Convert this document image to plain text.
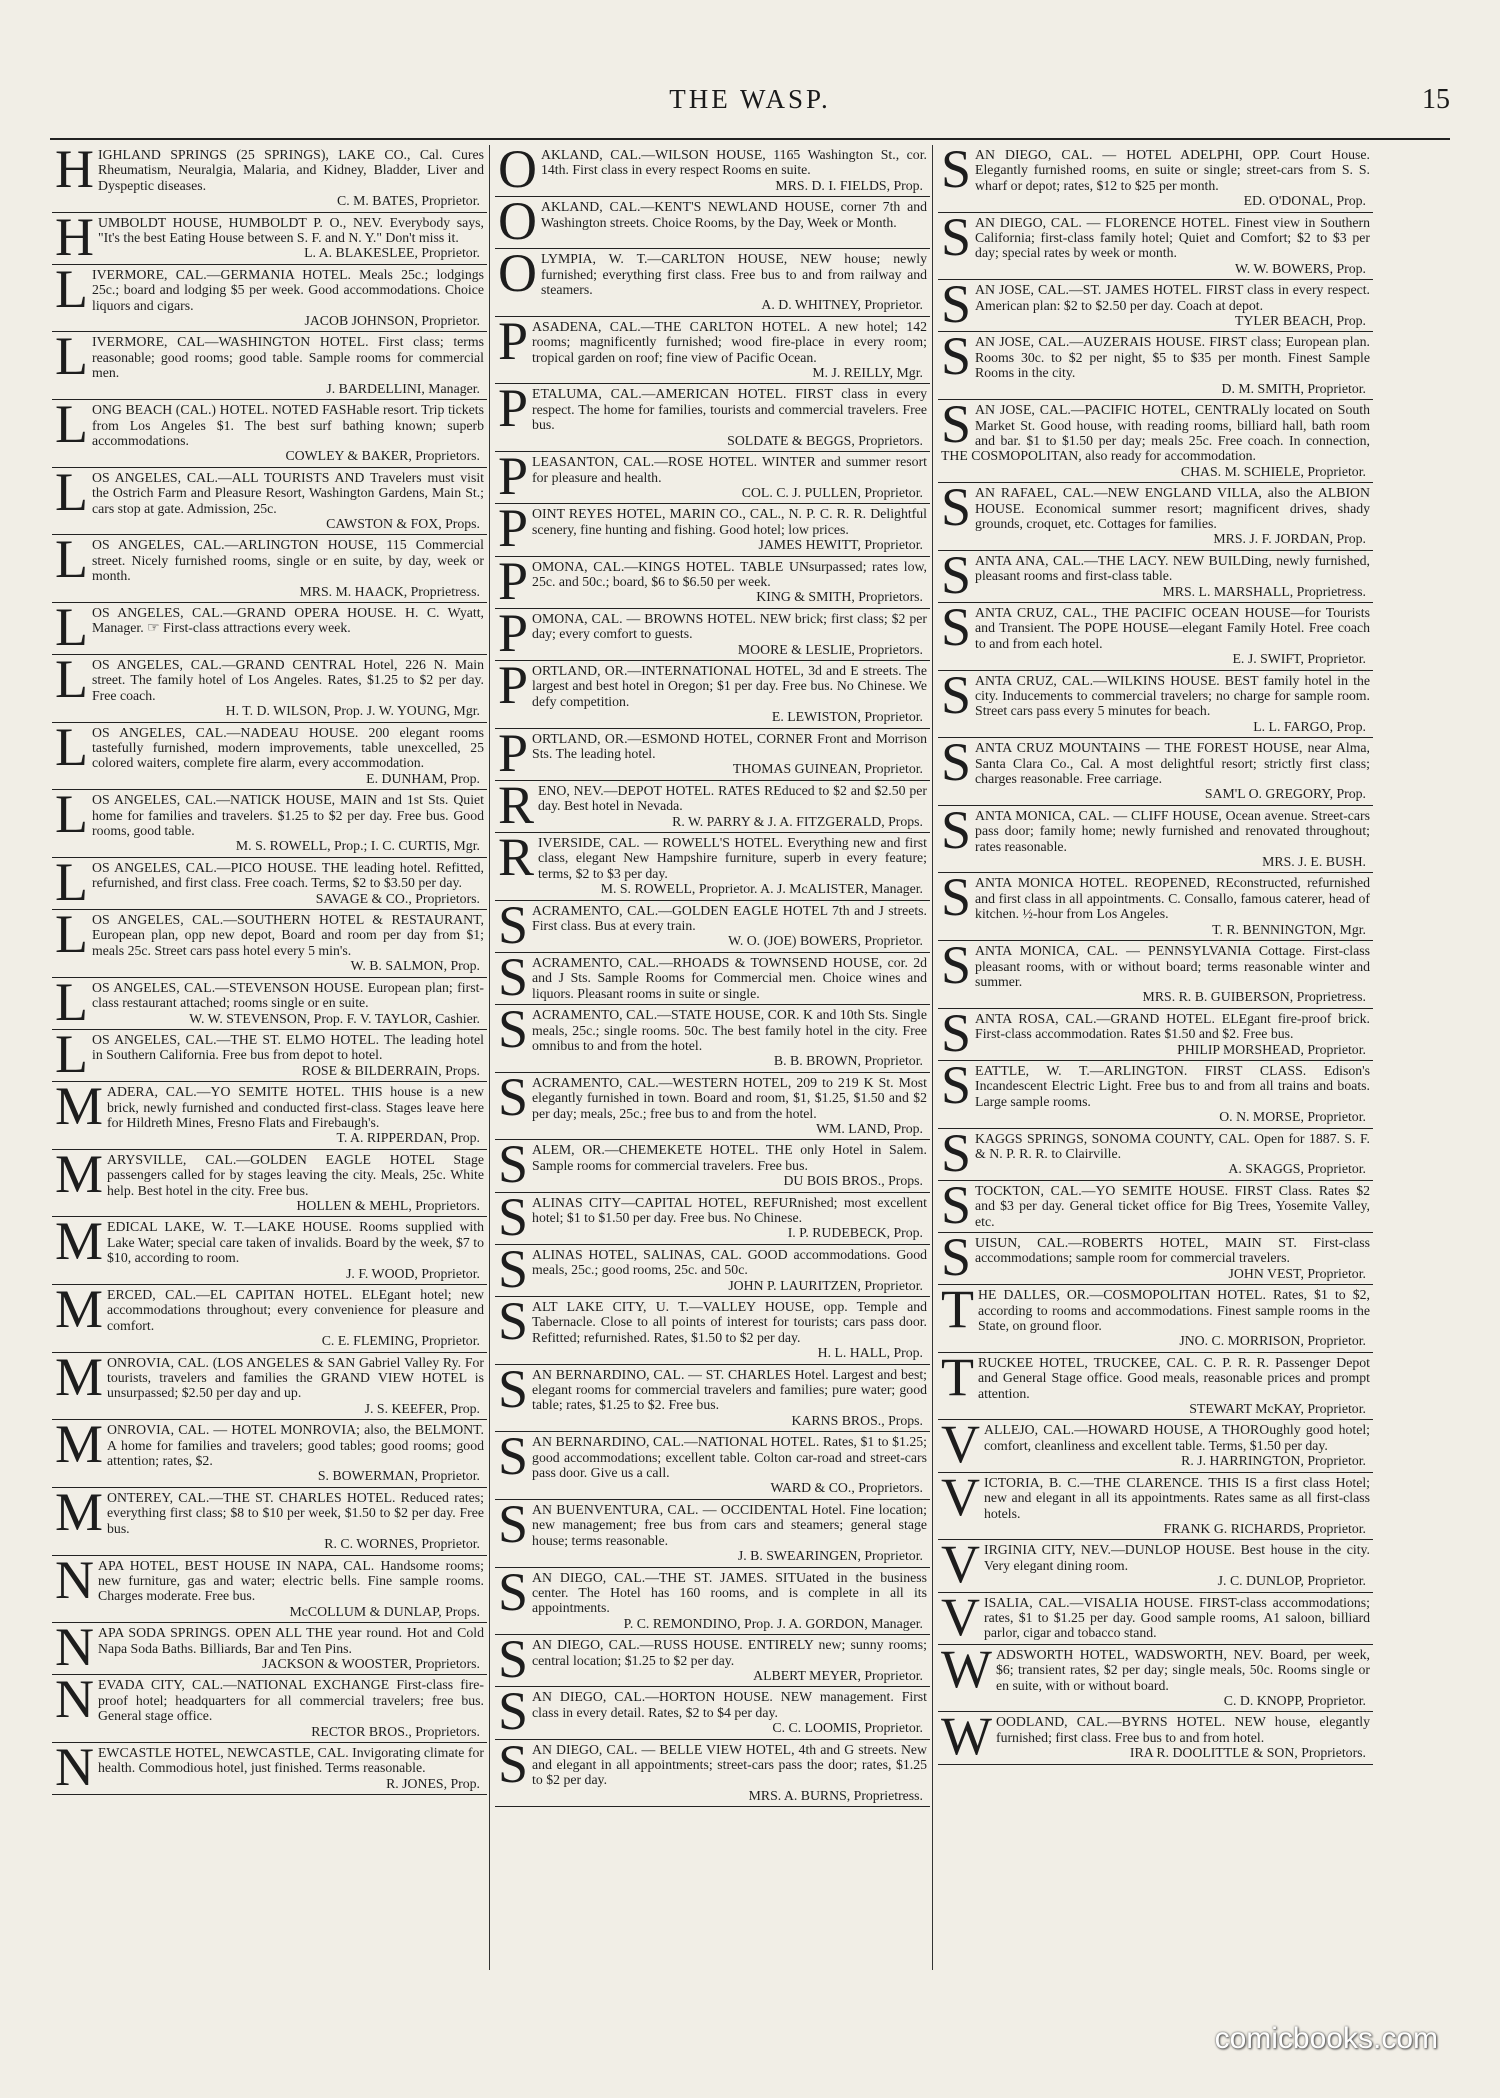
THE WASP.	15
H IGHLAND SPRINGS (25 SPRINGS), LAKE CO., Cal. Cures Rheumatism, Neuralgia, Malaria, and Kidney, Bladder, Liver and Dyspeptic diseases.
C. M. BATES, Proprietor.
H UMBOLDT HOUSE, HUMBOLDT P. O., NEV. Everybody says, "It's the best Eating House between S. F. and N. Y." Don't miss it.
L. A. BLAKESLEE, Proprietor.
L IVERMORE, CAL.—GERMANIA HOTEL. Meals 25c.; lodgings 25c.; board and lodging $5 per week. Good accommodations. Choice liquors and cigars.
JACOB JOHNSON, Proprietor.
L IVERMORE, CAL—WASHINGTON HOTEL. First class; terms reasonable; good rooms; good table. Sample rooms for commercial men.
J. BARDELLINI, Manager.
L ONG BEACH (CAL.) HOTEL. NOTED FASHable resort. Trip tickets from Los Angeles $1. The best surf bathing known; superb accommodations.
COWLEY & BAKER, Proprietors.
L OS ANGELES, CAL.—ALL TOURISTS AND Travelers must visit the Ostrich Farm and Pleasure Resort, Washington Gardens, Main St.; cars stop at gate. Admission, 25c.
CAWSTON & FOX, Props.
L OS ANGELES, CAL.—ARLINGTON HOUSE, 115 Commercial street. Nicely furnished rooms, single or en suite, by day, week or month.
MRS. M. HAACK, Proprietress.
L OS ANGELES, CAL.—GRAND OPERA HOUSE. H. C. Wyatt, Manager. ☞ First-class attractions every week.
L OS ANGELES, CAL.—GRAND CENTRAL Hotel, 226 N. Main street. The family hotel of Los Angeles. Rates, $1.25 to $2 per day. Free coach.
H. T. D. WILSON, Prop. J. W. YOUNG, Mgr.
L OS ANGELES, CAL.—NADEAU HOUSE. 200 elegant rooms tastefully furnished, modern improvements, table unexcelled, 25 colored waiters, complete fire alarm, every accommodation.
E. DUNHAM, Prop.
L OS ANGELES, CAL.—NATICK HOUSE, MAIN and 1st Sts. Quiet home for families and travelers. $1.25 to $2 per day. Free bus. Good rooms, good table.
M. S. ROWELL, Prop.; I. C. CURTIS, Mgr.
L OS ANGELES, CAL.—PICO HOUSE. THE leading hotel. Refitted, refurnished, and first class. Free coach. Terms, $2 to $3.50 per day.
SAVAGE & CO., Proprietors.
L OS ANGELES, CAL.—SOUTHERN HOTEL & RESTAURANT, European plan, opp new depot, Board and room per day from $1; meals 25c. Street cars pass hotel every 5 min's.
W. B. SALMON, Prop.
L OS ANGELES, CAL.—STEVENSON HOUSE. European plan; first-class restaurant attached; rooms single or en suite.
W. W. STEVENSON, Prop. F. V. TAYLOR, Cashier.
L OS ANGELES, CAL.—THE ST. ELMO HOTEL. The leading hotel in Southern California. Free bus from depot to hotel.
ROSE & BILDERRAIN, Props.
M ADERA, CAL.—YO SEMITE HOTEL. THIS house is a new brick, newly furnished and conducted first-class. Stages leave here for Hildreth Mines, Fresno Flats and Firebaugh's.
T. A. RIPPERDAN, Prop.
M ARYSVILLE, CAL.—GOLDEN EAGLE HOTEL Stage passengers called for by stages leaving the city. Meals, 25c. White help. Best hotel in the city. Free bus.
HOLLEN & MEHL, Proprietors.
M EDICAL LAKE, W. T.—LAKE HOUSE. Rooms supplied with Lake Water; special care taken of invalids. Board by the week, $7 to $10, according to room.
J. F. WOOD, Proprietor.
M ERCED, CAL.—EL CAPITAN HOTEL. ELEgant hotel; new accommodations throughout; every convenience for pleasure and comfort.
C. E. FLEMING, Proprietor.
M ONROVIA, CAL. (LOS ANGELES & SAN Gabriel Valley Ry. For tourists, travelers and families the GRAND VIEW HOTEL is unsurpassed; $2.50 per day and up.
J. S. KEEFER, Prop.
M ONROVIA, CAL. — HOTEL MONROVIA; also, the BELMONT. A home for families and travelers; good tables; good rooms; good attention; rates, $2.
S. BOWERMAN, Proprietor.
M ONTEREY, CAL.—THE ST. CHARLES HOTEL. Reduced rates; everything first class; $8 to $10 per week, $1.50 to $2 per day. Free bus.
R. C. WORNES, Proprietor.
N APA HOTEL, BEST HOUSE IN NAPA, CAL. Handsome rooms; new furniture, gas and water; electric bells. Fine sample rooms. Charges moderate. Free bus.
McCOLLUM & DUNLAP, Props.
N APA SODA SPRINGS. OPEN ALL THE year round. Hot and Cold Napa Soda Baths. Billiards, Bar and Ten Pins.
JACKSON & WOOSTER, Proprietors.
N EVADA CITY, CAL.—NATIONAL EXCHANGE First-class fire-proof hotel; headquarters for all commercial travelers; free bus. General stage office.
RECTOR BROS., Proprietors.
N EWCASTLE HOTEL, NEWCASTLE, CAL. Invigorating climate for health. Commodious hotel, just finished. Terms reasonable.
R. JONES, Prop.
O AKLAND, CAL.—WILSON HOUSE, 1165 Washington St., cor. 14th. First class in every respect Rooms en suite.
MRS. D. I. FIELDS, Prop.
O AKLAND, CAL.—KENT'S NEWLAND HOUSE, corner 7th and Washington streets. Choice Rooms, by the Day, Week or Month.
O LYMPIA, W. T.—CARLTON HOUSE, NEW house; newly furnished; everything first class. Free bus to and from railway and steamers.
A. D. WHITNEY, Proprietor.
P ASADENA, CAL.—THE CARLTON HOTEL. A new hotel; 142 rooms; magnificently furnished; wood fire-place in every room; tropical garden on roof; fine view of Pacific Ocean.
M. J. REILLY, Mgr.
P ETALUMA, CAL.—AMERICAN HOTEL. FIRST class in every respect. The home for families, tourists and commercial travelers. Free bus.
SOLDATE & BEGGS, Proprietors.
P LEASANTON, CAL.—ROSE HOTEL. WINTER and summer resort for pleasure and health.
COL. C. J. PULLEN, Proprietor.
P OINT REYES HOTEL, MARIN CO., CAL., N. P. C. R. R. Delightful scenery, fine hunting and fishing. Good hotel; low prices.
JAMES HEWITT, Proprietor.
P OMONA, CAL.—KINGS HOTEL. TABLE UNsurpassed; rates low, 25c. and 50c.; board, $6 to $6.50 per week.
KING & SMITH, Proprietors.
P OMONA, CAL. — BROWNS HOTEL. NEW brick; first class; $2 per day; every comfort to guests.
MOORE & LESLIE, Proprietors.
P ORTLAND, OR.—INTERNATIONAL HOTEL, 3d and E streets. The largest and best hotel in Oregon; $1 per day. Free bus. No Chinese. We defy competition.
E. LEWISTON, Proprietor.
P ORTLAND, OR.—ESMOND HOTEL, CORNER Front and Morrison Sts. The leading hotel.
THOMAS GUINEAN, Proprietor.
R ENO, NEV.—DEPOT HOTEL. RATES REduced to $2 and $2.50 per day. Best hotel in Nevada.
R. W. PARRY & J. A. FITZGERALD, Props.
R IVERSIDE, CAL. — ROWELL'S HOTEL. Everything new and first class, elegant New Hampshire furniture, superb in every feature; terms, $2 to $3 per day.
M. S. ROWELL, Proprietor. A. J. McALISTER, Manager.
S ACRAMENTO, CAL.—GOLDEN EAGLE HOTEL 7th and J streets. First class. Bus at every train.
W. O. (JOE) BOWERS, Proprietor.
S ACRAMENTO, CAL.—RHOADS & TOWNSEND HOUSE, cor. 2d and J Sts. Sample Rooms for Commercial men. Choice wines and liquors. Pleasant rooms in suite or single.
S ACRAMENTO, CAL.—STATE HOUSE, COR. K and 10th Sts. Single meals, 25c.; single rooms. 50c. The best family hotel in the city. Free omnibus to and from the hotel.
B. B. BROWN, Proprietor.
S ACRAMENTO, CAL.—WESTERN HOTEL, 209 to 219 K St. Most elegantly furnished in town. Board and room, $1, $1.25, $1.50 and $2 per day; meals, 25c.; free bus to and from the hotel.
WM. LAND, Prop.
S ALEM, OR.—CHEMEKETE HOTEL. THE only Hotel in Salem. Sample rooms for commercial travelers. Free bus.
DU BOIS BROS., Props.
S ALINAS CITY—CAPITAL HOTEL, REFURnished; most excellent hotel; $1 to $1.50 per day. Free bus. No Chinese.
I. P. RUDEBECK, Prop.
S ALINAS HOTEL, SALINAS, CAL. GOOD accommodations. Good meals, 25c.; good rooms, 25c. and 50c.
JOHN P. LAURITZEN, Proprietor.
S ALT LAKE CITY, U. T.—VALLEY HOUSE, opp. Temple and Tabernacle. Close to all points of interest for tourists; cars pass door. Refitted; refurnished. Rates, $1.50 to $2 per day.
H. L. HALL, Prop.
S AN BERNARDINO, CAL. — ST. CHARLES Hotel. Largest and best; elegant rooms for commercial travelers and families; pure water; good table; rates, $1.25 to $2. Free bus.
KARNS BROS., Props.
S AN BERNARDINO, CAL.—NATIONAL HOTEL. Rates, $1 to $1.25; good accommodations; excellent table. Colton car-road and street-cars pass door. Give us a call.
WARD & CO., Proprietors.
S AN BUENVENTURA, CAL. — OCCIDENTAL Hotel. Fine location; new management; free bus from cars and steamers; general stage house; terms reasonable.
J. B. SWEARINGEN, Proprietor.
S AN DIEGO, CAL.—THE ST. JAMES. SITUated in the business center. The Hotel has 160 rooms, and is complete in all its appointments.
P. C. REMONDINO, Prop. J. A. GORDON, Manager.
S AN DIEGO, CAL.—RUSS HOUSE. ENTIRELY new; sunny rooms; central location; $1.25 to $2 per day.
ALBERT MEYER, Proprietor.
S AN DIEGO, CAL.—HORTON HOUSE. NEW management. First class in every detail. Rates, $2 to $4 per day.
C. C. LOOMIS, Proprietor.
S AN DIEGO, CAL. — BELLE VIEW HOTEL, 4th and G streets. New and elegant in all appointments; street-cars pass the door; rates, $1.25 to $2 per day.
MRS. A. BURNS, Proprietress.
S AN DIEGO, CAL. — HOTEL ADELPHI, OPP. Court House. Elegantly furnished rooms, en suite or single; street-cars from S. S. wharf or depot; rates, $12 to $25 per month.
ED. O'DONAL, Prop.
S AN DIEGO, CAL. — FLORENCE HOTEL. Finest view in Southern California; first-class family hotel; Quiet and Comfort; $2 to $3 per day; special rates by week or month.
W. W. BOWERS, Prop.
S AN JOSE, CAL.—ST. JAMES HOTEL. FIRST class in every respect. American plan: $2 to $2.50 per day. Coach at depot.
TYLER BEACH, Prop.
S AN JOSE, CAL.—AUZERAIS HOUSE. FIRST class; European plan. Rooms 30c. to $2 per night, $5 to $35 per month. Finest Sample Rooms in the city.
D. M. SMITH, Proprietor.
S AN JOSE, CAL.—PACIFIC HOTEL, CENTRALly located on South Market St. Good house, with reading rooms, billiard hall, bath room and bar. $1 to $1.50 per day; meals 25c. Free coach. In connection, THE COSMOPOLITAN, also ready for accommodation.
CHAS. M. SCHIELE, Proprietor.
S AN RAFAEL, CAL.—NEW ENGLAND VILLA, also the ALBION HOUSE. Economical summer resort; magnificent drives, shady grounds, croquet, etc. Cottages for families.
MRS. J. F. JORDAN, Prop.
S ANTA ANA, CAL.—THE LACY. NEW BUILDing, newly furnished, pleasant rooms and first-class table.
MRS. L. MARSHALL, Proprietress.
S ANTA CRUZ, CAL., THE PACIFIC OCEAN HOUSE—for Tourists and Transient. The POPE HOUSE—elegant Family Hotel. Free coach to and from each hotel.
E. J. SWIFT, Proprietor.
S ANTA CRUZ, CAL.—WILKINS HOUSE. BEST family hotel in the city. Inducements to commercial travelers; no charge for sample room. Street cars pass every 5 minutes for beach.
L. L. FARGO, Prop.
S ANTA CRUZ MOUNTAINS — THE FOREST HOUSE, near Alma, Santa Clara Co., Cal. A most delightful resort; strictly first class; charges reasonable. Free carriage.
SAM'L O. GREGORY, Prop.
S ANTA MONICA, CAL. — CLIFF HOUSE, Ocean avenue. Street-cars pass door; family home; newly furnished and renovated throughout; rates reasonable.
MRS. J. E. BUSH.
S ANTA MONICA HOTEL. REOPENED, REconstructed, refurnished and first class in all appointments. C. Consallo, famous caterer, head of kitchen. ½-hour from Los Angeles.
T. R. BENNINGTON, Mgr.
S ANTA MONICA, CAL. — PENNSYLVANIA Cottage. First-class pleasant rooms, with or without board; terms reasonable winter and summer.
MRS. R. B. GUIBERSON, Proprietress.
S ANTA ROSA, CAL.—GRAND HOTEL. ELEgant fire-proof brick. First-class accommodation. Rates $1.50 and $2. Free bus.
PHILIP MORSHEAD, Proprietor.
S EATTLE, W. T.—ARLINGTON. FIRST CLASS. Edison's Incandescent Electric Light. Free bus to and from all trains and boats. Large sample rooms.
O. N. MORSE, Proprietor.
S KAGGS SPRINGS, SONOMA COUNTY, CAL. Open for 1887. S. F. & N. P. R. R. to Clairville.
A. SKAGGS, Proprietor.
S TOCKTON, CAL.—YO SEMITE HOUSE. FIRST Class. Rates $2 and $3 per day. General ticket office for Big Trees, Yosemite Valley, etc.
S UISUN, CAL.—ROBERTS HOTEL, MAIN ST. First-class accommodations; sample room for commercial travelers.
JOHN VEST, Proprietor.
T HE DALLES, OR.—COSMOPOLITAN HOTEL. Rates, $1 to $2, according to rooms and accommodations. Finest sample rooms in the State, on ground floor.
JNO. C. MORRISON, Proprietor.
T RUCKEE HOTEL, TRUCKEE, CAL. C. P. R. R. Passenger Depot and General Stage office. Good meals, reasonable prices and prompt attention.
STEWART McKAY, Proprietor.
V ALLEJO, CAL.—HOWARD HOUSE, A THOROughly good hotel; comfort, cleanliness and excellent table. Terms, $1.50 per day.
R. J. HARRINGTON, Proprietor.
V ICTORIA, B. C.—THE CLARENCE. THIS IS a first class Hotel; new and elegant in all its appointments. Rates same as all first-class hotels.
FRANK G. RICHARDS, Proprietor.
V IRGINIA CITY, NEV.—DUNLOP HOUSE. Best house in the city. Very elegant dining room.
J. C. DUNLOP, Proprietor.
V ISALIA, CAL.—VISALIA HOUSE. FIRST-class accommodations; rates, $1 to $1.25 per day. Good sample rooms, A1 saloon, billiard parlor, cigar and tobacco stand.
W ADSWORTH HOTEL, WADSWORTH, NEV. Board, per week, $6; transient rates, $2 per day; single meals, 50c. Rooms single or en suite, with or without board.
C. D. KNOPP, Proprietor.
W OODLAND, CAL.—BYRNS HOTEL. NEW house, elegantly furnished; first class. Free bus to and from hotel.
IRA R. DOOLITTLE & SON, Proprietors.
comicbooks.com
